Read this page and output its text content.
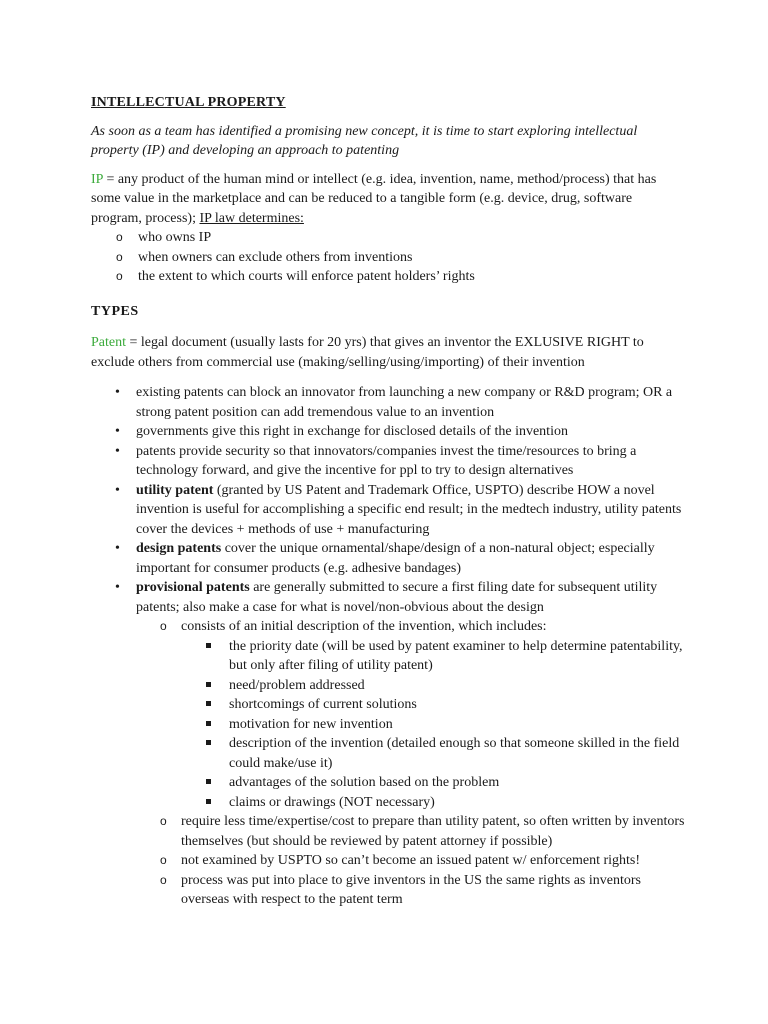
INTELLECTUAL PROPERTY

As soon as a team has identified a promising new concept, it is time to start exploring intellectual property (IP) and developing an approach to patenting

IP = any product of the human mind or intellect (e.g. idea, invention, name, method/process) that has some value in the marketplace and can be reduced to a tangible form (e.g. device, drug, software program, process); IP law determines:

o who owns IP
o when owners can exclude others from inventions
o the extent to which courts will enforce patent holders’ rights
TYPES

Patent = legal document (usually lasts for 20 yrs) that gives an inventor the EXLUSIVE RIGHT to exclude others from commercial use (making/selling/using/importing) of their invention

• existing patents can block an innovator from launching a new company or R&D program; OR a strong patent position can add tremendous value to an invention
• governments give this right in exchange for disclosed details of the invention
• patents provide security so that innovators/companies invest the time/resources to bring a technology forward, and give the incentive for ppl to try to design alternatives
• utility patent (granted by US Patent and Trademark Office, USPTO) describe HOW a novel invention is useful for accomplishing a specific end result; in the medtech industry, utility patents cover the devices + methods of use + manufacturing
• design patents cover the unique ornamental/shape/design of a non-natural object; especially important for consumer products (e.g. adhesive bandages)
• provisional patents are generally submitted to secure a first filing date for subsequent utility patents; also make a case for what is novel/non-obvious about the design
o consists of an initial description of the invention, which includes:
the priority date (will be used by patent examiner to help determine patentability, but only after filing of utility patent)
need/problem addressed
shortcomings of current solutions
motivation for new invention
description of the invention (detailed enough so that someone skilled in the field could make/use it)
advantages of the solution based on the problem
claims or drawings (NOT necessary)
o require less time/expertise/cost to prepare than utility patent, so often written by inventors themselves (but should be reviewed by patent attorney if possible)
o not examined by USPTO so can’t become an issued patent w/ enforcement rights!
o process was put into place to give inventors in the US the same rights as inventors overseas with respect to the patent term
